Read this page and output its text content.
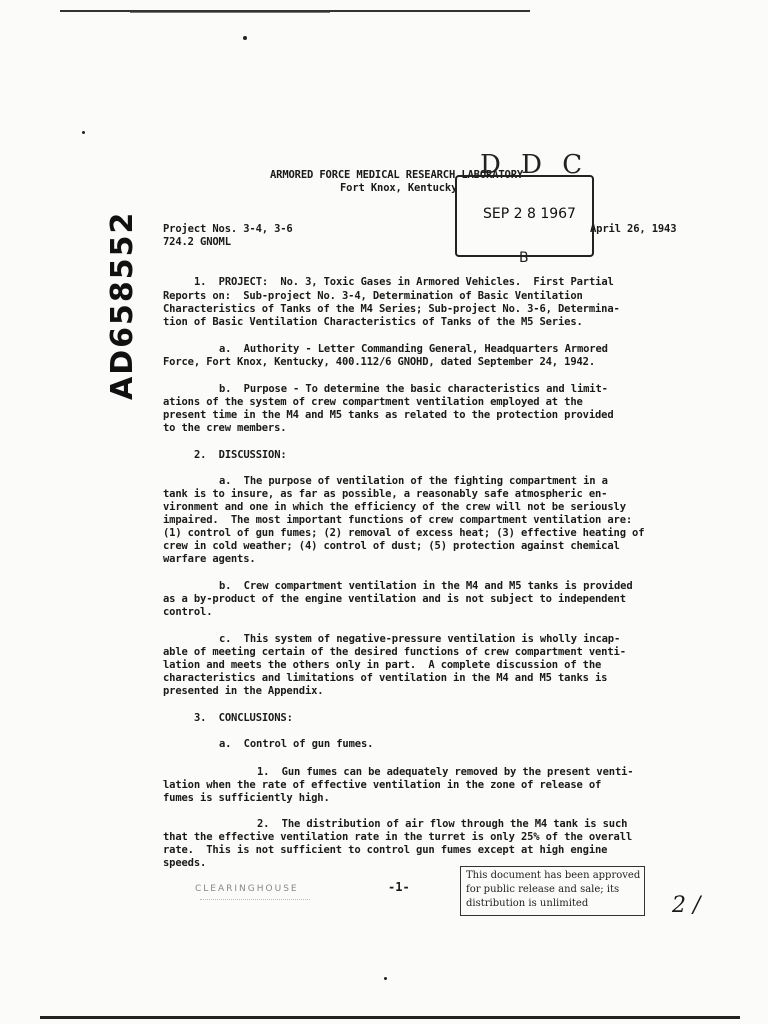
AD658552
ARMORED FORCE MEDICAL RESEARCH LABORATORY
Fort Knox, Kentucky
Project Nos. 3-4, 3-6
724.2 GNOML
April 26, 1943
D D C
SEP 2 8 1967
B
1.  PROJECT:  No. 3, Toxic Gases in Armored Vehicles.  First Partial
Reports on:  Sub-project No. 3-4, Determination of Basic Ventilation
Characteristics of Tanks of the M4 Series; Sub-project No. 3-6, Determina-
tion of Basic Ventilation Characteristics of Tanks of the M5 Series.
a.  Authority - Letter Commanding General, Headquarters Armored
Force, Fort Knox, Kentucky, 400.112/6 GNOHD, dated September 24, 1942.
b.  Purpose - To determine the basic characteristics and limit-
ations of the system of crew compartment ventilation employed at the
present time in the M4 and M5 tanks as related to the protection provided
to the crew members.
2.  DISCUSSION:
a.  The purpose of ventilation of the fighting compartment in a
tank is to insure, as far as possible, a reasonably safe atmospheric en-
vironment and one in which the efficiency of the crew will not be seriously
impaired.  The most important functions of crew compartment ventilation are:
(1) control of gun fumes; (2) removal of excess heat; (3) effective heating of
crew in cold weather; (4) control of dust; (5) protection against chemical
warfare agents.
b.  Crew compartment ventilation in the M4 and M5 tanks is provided
as a by-product of the engine ventilation and is not subject to independent
control.
c.  This system of negative-pressure ventilation is wholly incap-
able of meeting certain of the desired functions of crew compartment venti-
lation and meets the others only in part.  A complete discussion of the
characteristics and limitations of ventilation in the M4 and M5 tanks is
presented in the Appendix.
3.  CONCLUSIONS:
a.  Control of gun fumes.
1.  Gun fumes can be adequately removed by the present venti-
lation when the rate of effective ventilation in the zone of release of
fumes is sufficiently high.
2.  The distribution of air flow through the M4 tank is such
that the effective ventilation rate in the turret is only 25% of the overall
rate.  This is not sufficient to control gun fumes except at high engine
speeds.
CLEARINGHOUSE	-1-
This document has been approved
for public release and sale; its
distribution is unlimited	2 /
